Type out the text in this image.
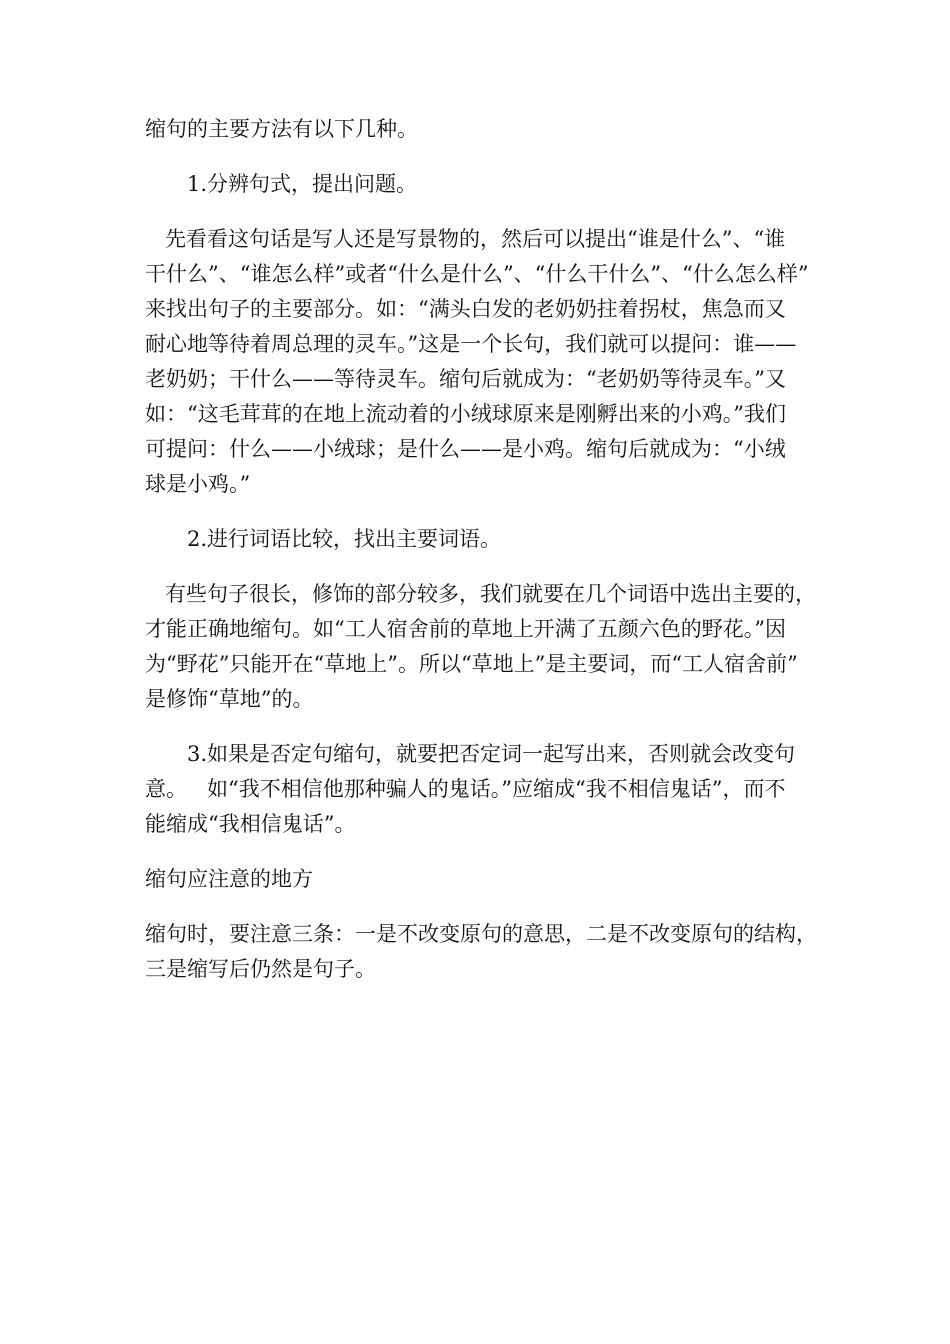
缩句的主要方法有以下几种。
1.分辨句式，提出问题。
先看看这句话是写人还是写景物的，然后可以提出“谁是什么”、“谁
干什么”、“谁怎么样”或者“什么是什么”、“什么干什么”、“什么怎么样”
来找出句子的主要部分。如：“满头白发的老奶奶拄着拐杖，焦急而又
耐心地等待着周总理的灵车。”这是一个长句，我们就可以提问：谁——
老奶奶；干什么——等待灵车。缩句后就成为：“老奶奶等待灵车。”又
如：“这毛茸茸的在地上流动着的小绒球原来是刚孵出来的小鸡。”我们
可提问：什么——小绒球；是什么——是小鸡。缩句后就成为：“小绒
球是小鸡。”
2.进行词语比较，找出主要词语。
有些句子很长，修饰的部分较多，我们就要在几个词语中选出主要的，
才能正确地缩句。如“工人宿舍前的草地上开满了五颜六色的野花。”因
为“野花”只能开在“草地上”。所以“草地上”是主要词，而“工人宿舍前”
是修饰“草地”的。
3.如果是否定句缩句，就要把否定词一起写出来，否则就会改变句
意。   如“我不相信他那种骗人的鬼话。”应缩成“我不相信鬼话”，而不
能缩成“我相信鬼话”。
缩句应注意的地方
缩句时，要注意三条：一是不改变原句的意思，二是不改变原句的结构，
三是缩写后仍然是句子。
